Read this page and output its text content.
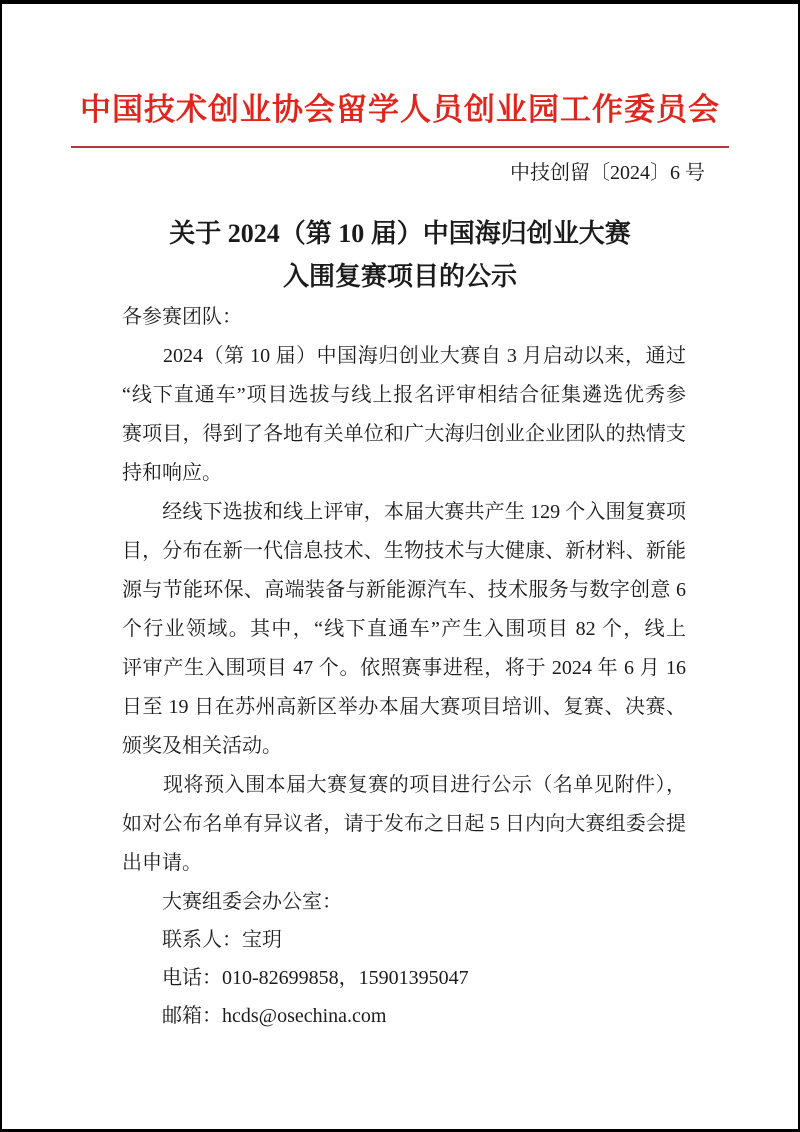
中国技术创业协会留学人员创业园工作委员会
中技创留〔2024〕6 号
关于 2024（第 10 届）中国海归创业大赛
入围复赛项目的公示
各参赛团队：
　　2024（第 10 届）中国海归创业大赛自 3 月启动以来，通过
“线下直通车”项目选拔与线上报名评审相结合征集遴选优秀参
赛项目，得到了各地有关单位和广大海归创业企业团队的热情支
持和响应。
　　经线下选拔和线上评审，本届大赛共产生 129 个入围复赛项
目，分布在新一代信息技术、生物技术与大健康、新材料、新能
源与节能环保、高端装备与新能源汽车、技术服务与数字创意 6
个行业领域。其中，“线下直通车”产生入围项目 82 个，线上
评审产生入围项目 47 个。依照赛事进程，将于 2024 年 6 月 16
日至 19 日在苏州高新区举办本届大赛项目培训、复赛、决赛、
颁奖及相关活动。
　　现将预入围本届大赛复赛的项目进行公示（名单见附件），
如对公布名单有异议者，请于发布之日起 5 日内向大赛组委会提
出申请。
大赛组委会办公室：
联系人：宝玥
电话：010-82699858，15901395047
邮箱：hcds@osechina.com
